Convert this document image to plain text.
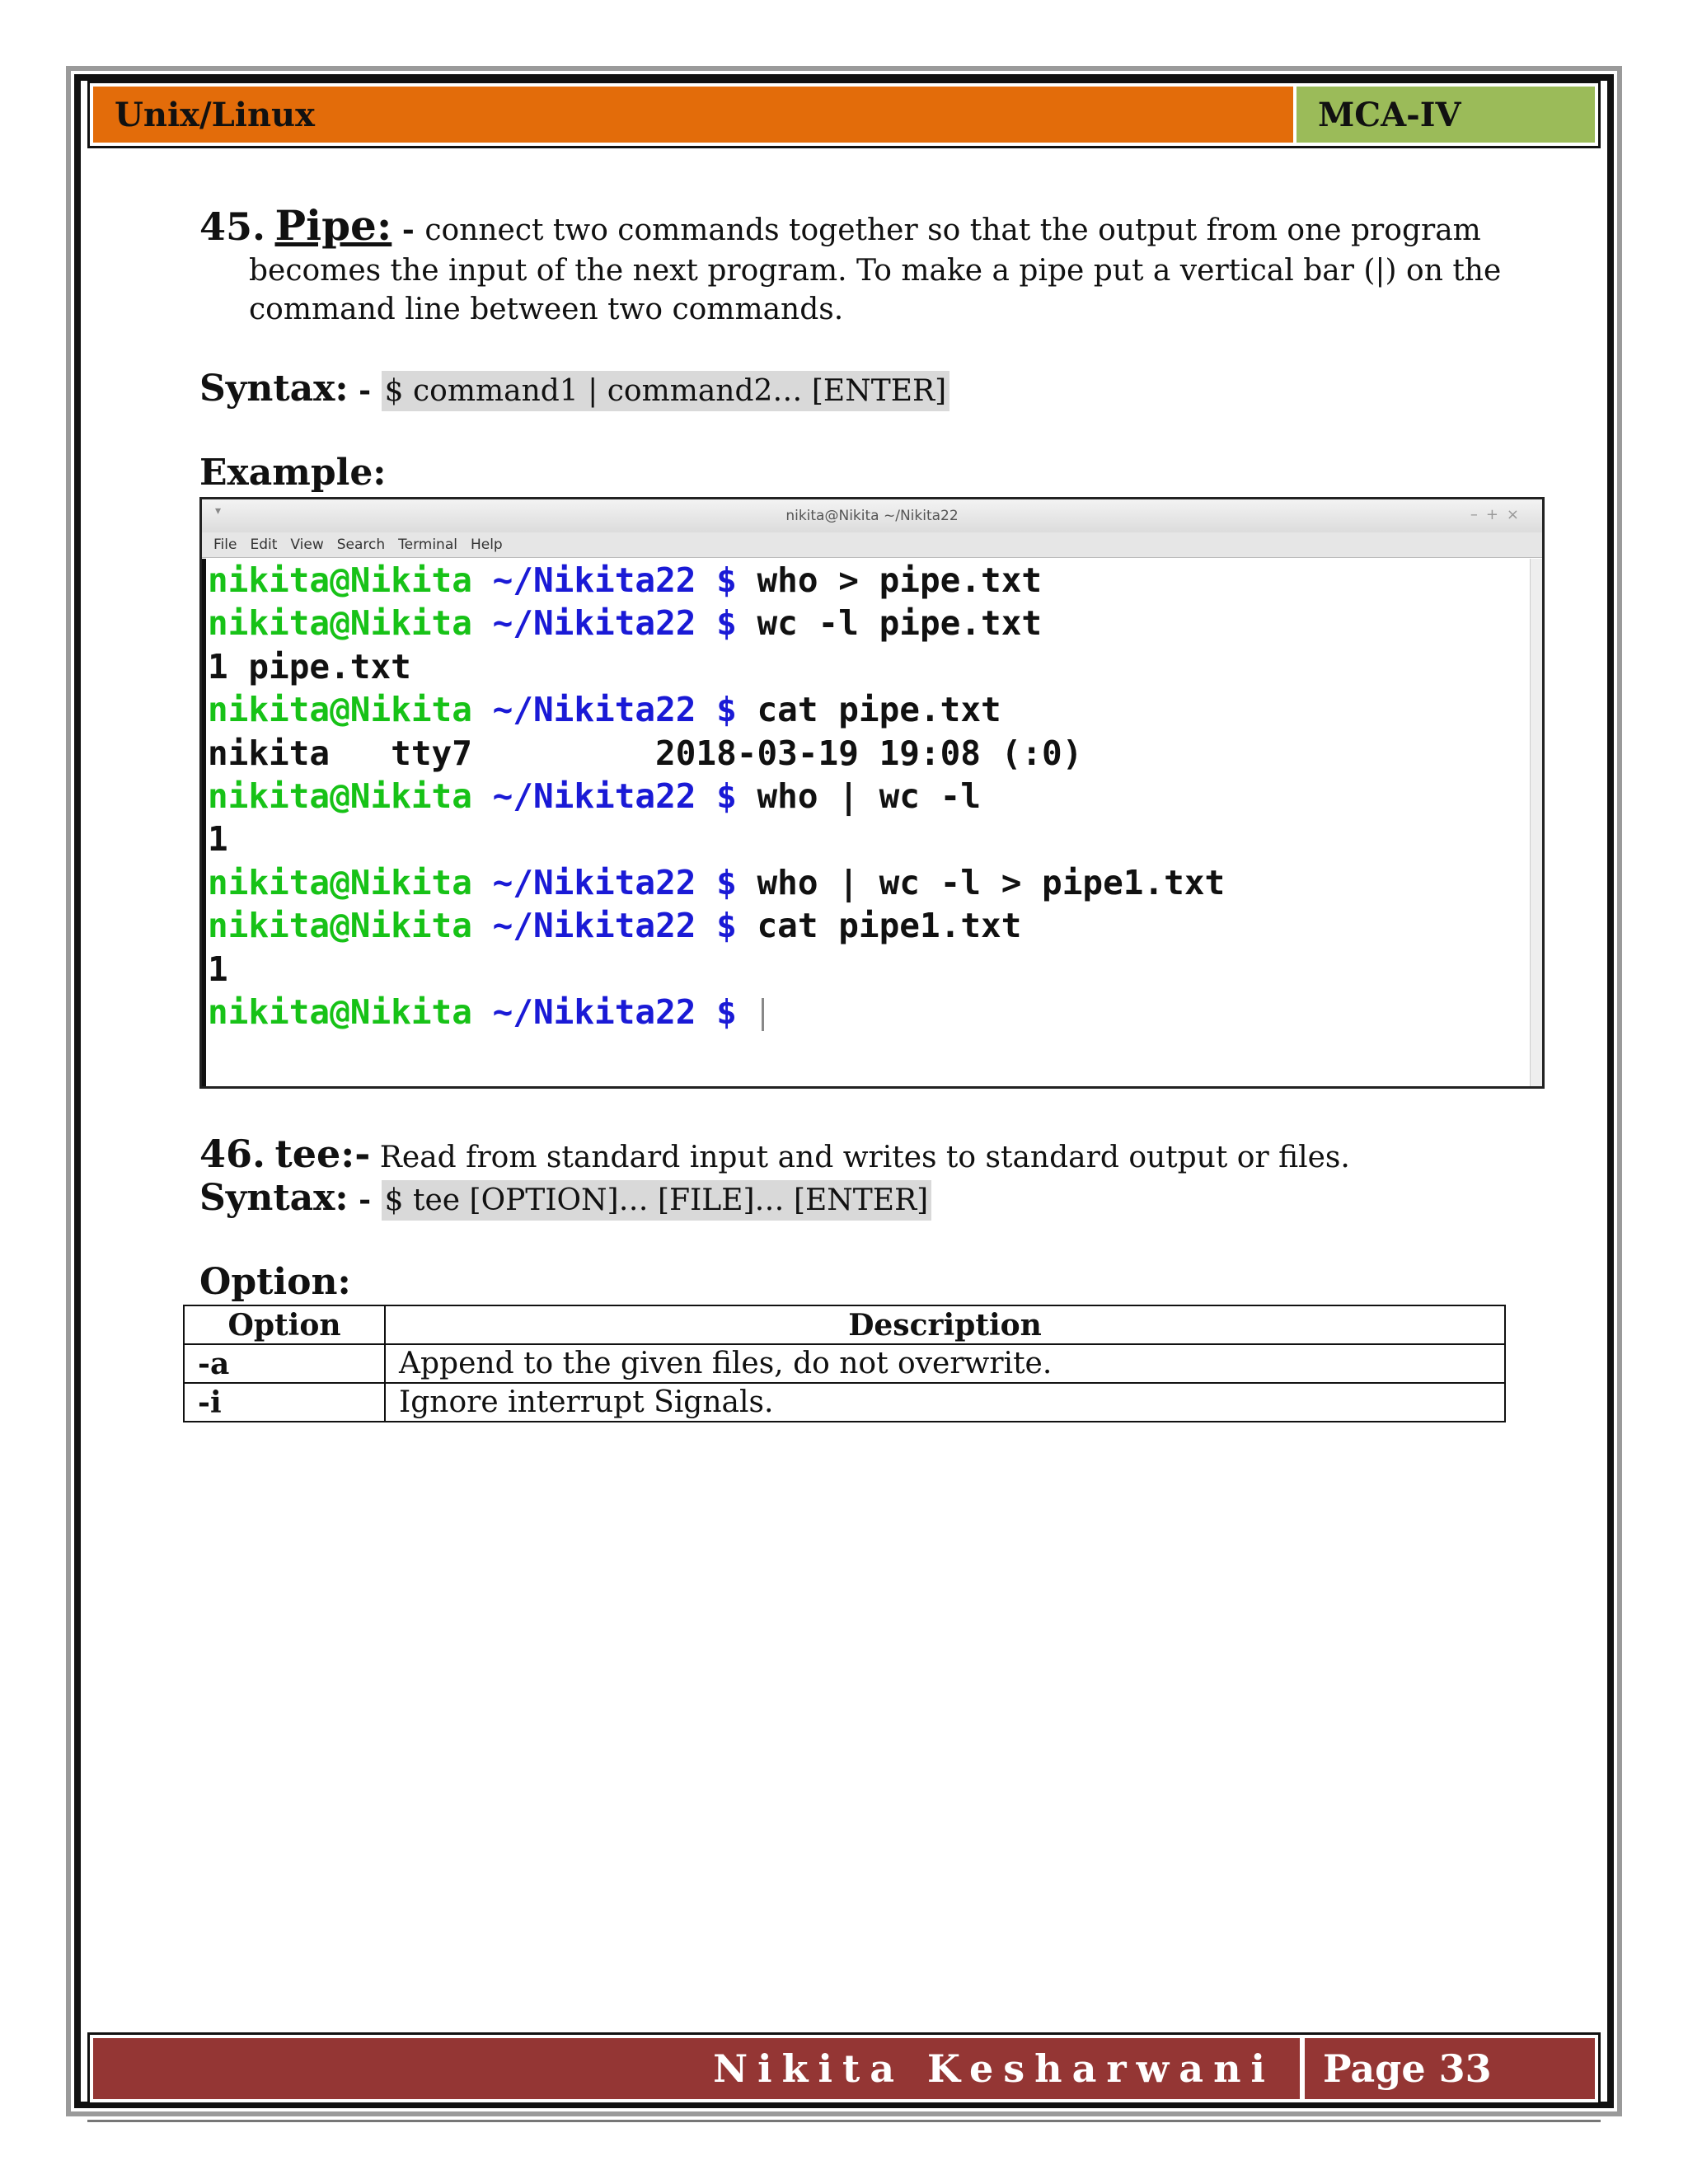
Unix/Linux	MCA-IV
45. Pipe: - connect two commands together so that the output from one program
becomes the input of the next program. To make a pipe put a vertical bar (|) on the
command line between two commands.
Syntax: - $ command1 | command2… [ENTER]
Example:
▾	nikita@Nikita ~/Nikita22	–+×
File Edit View Search Terminal Help
nikita@Nikita ~/Nikita22 $ who > pipe.txt
nikita@Nikita ~/Nikita22 $ wc -l pipe.txt
1 pipe.txt
nikita@Nikita ~/Nikita22 $ cat pipe.txt
nikita   tty7         2018-03-19 19:08 (:0)
nikita@Nikita ~/Nikita22 $ who | wc -l
1
nikita@Nikita ~/Nikita22 $ who | wc -l > pipe1.txt
nikita@Nikita ~/Nikita22 $ cat pipe1.txt
1
nikita@Nikita ~/Nikita22 $
46. tee:- Read from standard input and writes to standard output or files.
Syntax: - $ tee [OPTION]… [FILE]… [ENTER]
Option:
Option	Description
-a	Append to the given files, do not overwrite.
-i	Ignore interrupt Signals.
Nikita Kesharwani	Page 33
